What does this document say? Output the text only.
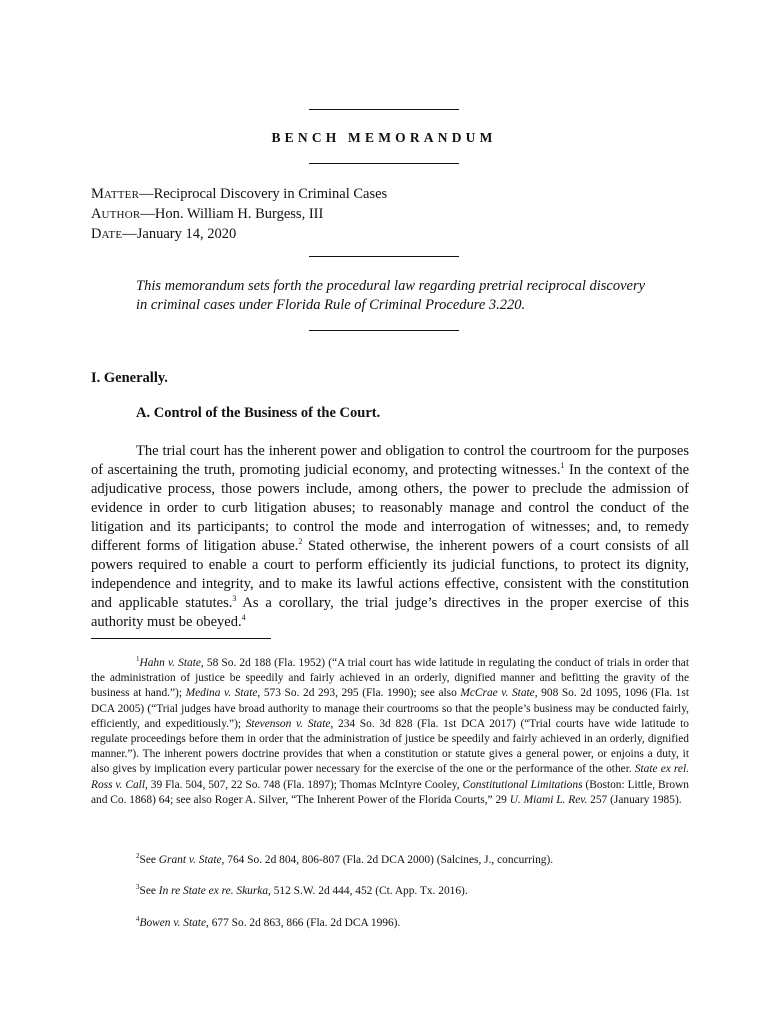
BENCH MEMORANDUM
MATTER—Reciprocal Discovery in Criminal Cases
AUTHOR—Hon. William H. Burgess, III
DATE—January 14, 2020
This memorandum sets forth the procedural law regarding pretrial reciprocal discovery in criminal cases under Florida Rule of Criminal Procedure 3.220.
I. Generally.
A. Control of the Business of the Court.
The trial court has the inherent power and obligation to control the courtroom for the purposes of ascertaining the truth, promoting judicial economy, and protecting witnesses.$^1$ In the context of the adjudicative process, those powers include, among others, the power to preclude the admission of evidence in order to curb litigation abuses; to reasonably manage and control the conduct of the litigation and its participants; to control the mode and interrogation of witnesses; and, to remedy different forms of litigation abuse.$^2$ Stated otherwise, the inherent powers of a court consists of all powers required to enable a court to perform efficiently its judicial functions, to protect its dignity, independence and integrity, and to make its lawful actions effective, consistent with the constitution and applicable statutes.$^3$ As a corollary, the trial judge’s directives in the proper exercise of this authority must be obeyed.$^4$
$^1$Hahn v. State, 58 So. 2d 188 (Fla. 1952) (“A trial court has wide latitude in regulating the conduct of trials in order that the administration of justice be speedily and fairly achieved in an orderly, dignified manner and befitting the gravity of the business at hand.”); Medina v. State, 573 So. 2d 293, 295 (Fla. 1990); see also McCrae v. State, 908 So. 2d 1095, 1096 (Fla. 1st DCA 2005) (“Trial judges have broad authority to manage their courtrooms so that the people’s business may be conducted fairly, efficiently, and expeditiously.”); Stevenson v. State, 234 So. 3d 828 (Fla. 1st DCA 2017) (“Trial courts have wide latitude to regulate proceedings before them in order that the administration of justice be speedily and fairly achieved in an orderly, dignified manner.”). The inherent powers doctrine provides that when a constitution or statute gives a general power, or enjoins a duty, it also gives by implication every particular power necessary for the exercise of the one or the performance of the other. State ex rel. Ross v. Call, 39 Fla. 504, 507, 22 So. 748 (Fla. 1897); Thomas McIntyre Cooley, Constitutional Limitations (Boston: Little, Brown and Co. 1868) 64; see also Roger A. Silver, “The Inherent Power of the Florida Courts,” 29 U. Miami L. Rev. 257 (January 1985).
$^2$See Grant v. State, 764 So. 2d 804, 806-807 (Fla. 2d DCA 2000) (Salcines, J., concurring).
$^3$See In re State ex re. Skurka, 512 S.W. 2d 444, 452 (Ct. App. Tx. 2016).
$^4$Bowen v. State, 677 So. 2d 863, 866 (Fla. 2d DCA 1996).
